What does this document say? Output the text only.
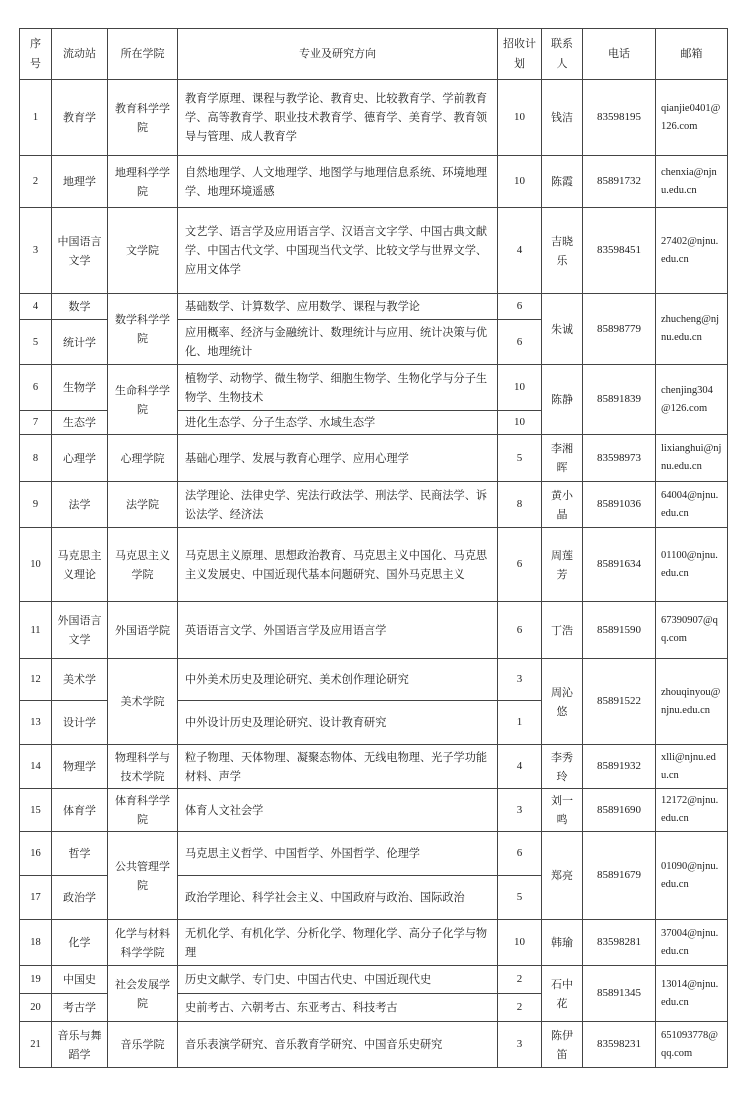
序号	流动站	所在学院	专业及研究方向	招收计划	联系人	电话	邮箱
1	教育学	教育科学学院	教育学原理、课程与教学论、教育史、比较教育学、学前教育学、高等教育学、职业技术教育学、德育学、美育学、教育领导与管理、成人教育学	10	钱洁	83598195	qianjie0401@126.com
2	地理学	地理科学学院	自然地理学、人文地理学、地图学与地理信息系统、环境地理学、地理环境遥感	10	陈霞	85891732	chenxia@njnu.edu.cn
3	中国语言文学	文学院	文艺学、语言学及应用语言学、汉语言文字学、中国古典文献学、中国古代文学、中国现当代文学、比较文学与世界文学、应用文体学	4	吉晓乐	83598451	27402@njnu.edu.cn
4	数学	数学科学学院	基础数学、计算数学、应用数学、课程与教学论	6	朱诚	85898779	zhucheng@njnu.edu.cn
5	统计学		应用概率、经济与金融统计、数理统计与应用、统计决策与优化、地理统计	6			
6	生物学	生命科学学院	植物学、动物学、微生物学、细胞生物学、生物化学与分子生物学、生物技术	10	陈静	85891839	chenjing304@126.com
7	生态学		进化生态学、分子生态学、水域生态学	10			
8	心理学	心理学院	基础心理学、发展与教育心理学、应用心理学	5	李湘晖	83598973	lixianghui@njnu.edu.cn
9	法学	法学院	法学理论、法律史学、宪法行政法学、刑法学、民商法学、诉讼法学、经济法	8	黄小晶	85891036	64004@njnu.edu.cn
10	马克思主义理论	马克思主义学院	马克思主义原理、思想政治教育、马克思主义中国化、马克思主义发展史、中国近现代基本问题研究、国外马克思主义	6	周莲芳	85891634	01100@njnu.edu.cn
11	外国语言文学	外国语学院	英语语言文学、外国语言学及应用语言学	6	丁浩	85891590	67390907@qq.com
12	美术学	美术学院	中外美术历史及理论研究、美术创作理论研究	3	周沁悠	85891522	zhouqinyou@njnu.edu.cn
13	设计学		中外设计历史及理论研究、设计教育研究	1			
14	物理学	物理科学与技术学院	粒子物理、天体物理、凝聚态物体、无线电物理、光子学功能材料、声学	4	李秀玲	85891932	xlli@njnu.edu.cn
15	体育学	体育科学学院	体育人文社会学	3	刘一鸣	85891690	12172@njnu.edu.cn
16	哲学	公共管理学院	马克思主义哲学、中国哲学、外国哲学、伦理学	6	郑亮	85891679	01090@njnu.edu.cn
17	政治学		政治学理论、科学社会主义、中国政府与政治、国际政治	5			
18	化学	化学与材料科学学院	无机化学、有机化学、分析化学、物理化学、高分子化学与物理	10	韩瑜	83598281	37004@njnu.edu.cn
19	中国史	社会发展学院	历史文献学、专门史、中国古代史、中国近现代史	2	石中花	85891345	13014@njnu.edu.cn
20	考古学		史前考古、六朝考古、东亚考古、科技考古	2			
21	音乐与舞蹈学	音乐学院	音乐表演学研究、音乐教育学研究、中国音乐史研究	3	陈伊笛	83598231	651093778@qq.com
